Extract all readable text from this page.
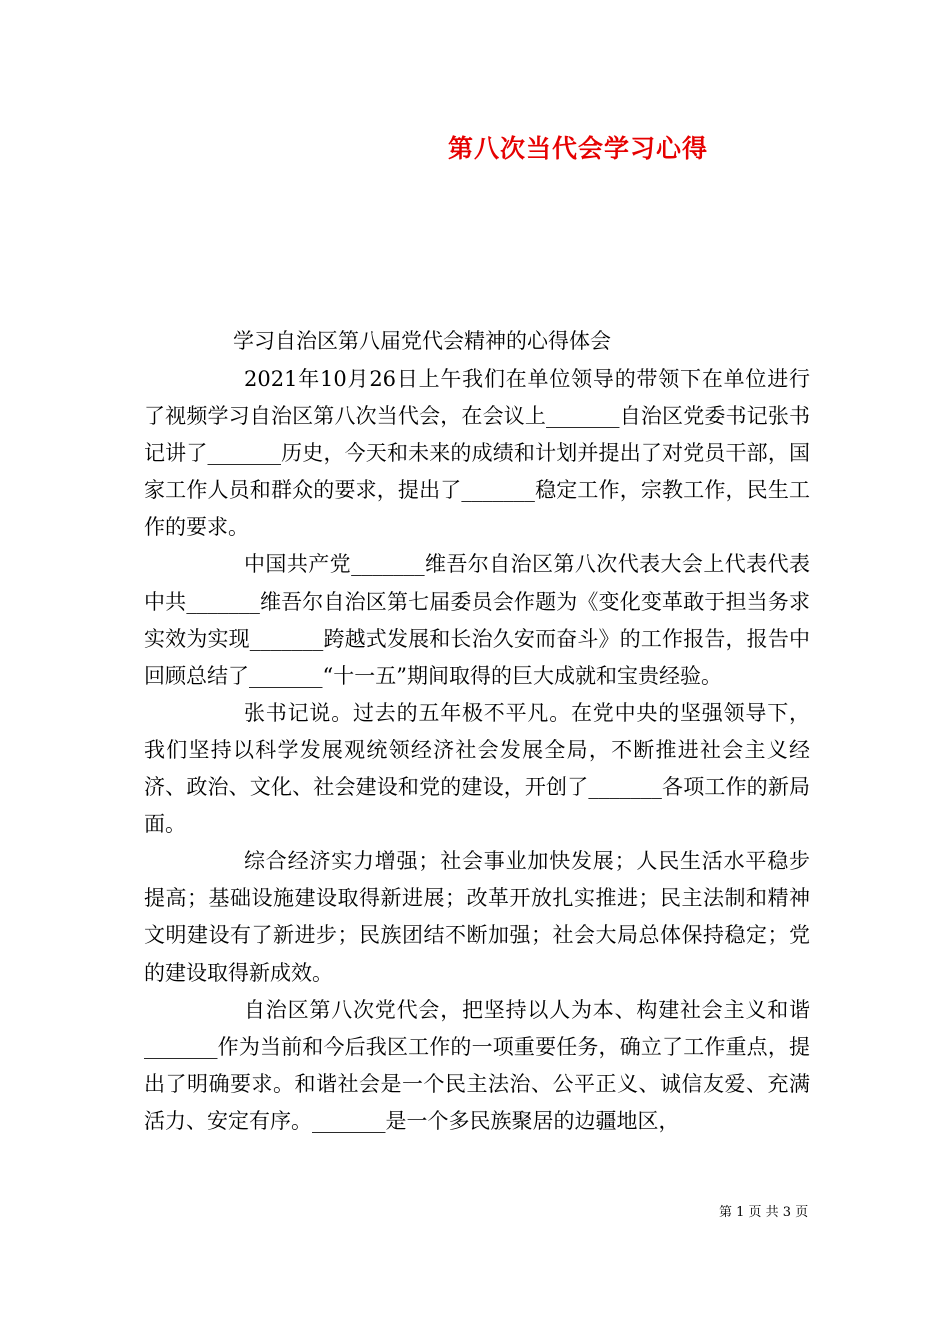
第八次当代会学习心得

学习自治区第八届党代会精神的心得体会

2021年10月26日上午我们在单位领导的带领下在单位进行了视频学习自治区第八次当代会，在会议上_______自治区党委书记张书记讲了_______历史，今天和未来的成绩和计划并提出了对党员干部，国家工作人员和群众的要求，提出了_______稳定工作，宗教工作，民生工作的要求。

中国共产党_______维吾尔自治区第八次代表大会上代表代表中共_______维吾尔自治区第七届委员会作题为《变化变革敢于担当务求实效为实现_______跨越式发展和长治久安而奋斗》的工作报告，报告中回顾总结了_______“十一五”期间取得的巨大成就和宝贵经验。

张书记说。过去的五年极不平凡。在党中央的坚强领导下，我们坚持以科学发展观统领经济社会发展全局，不断推进社会主义经济、政治、文化、社会建设和党的建设，开创了_______各项工作的新局面。

综合经济实力增强；社会事业加快发展；人民生活水平稳步提高；基础设施建设取得新进展；改革开放扎实推进；民主法制和精神文明建设有了新进步；民族团结不断加强；社会大局总体保持稳定；党的建设取得新成效。

自治区第八次党代会，把坚持以人为本、构建社会主义和谐_______作为当前和今后我区工作的一项重要任务，确立了工作重点，提出了明确要求。和谐社会是一个民主法治、公平正义、诚信友爱、充满活力、安定有序。_______是一个多民族聚居的边疆地区，

第 1 页 共 3 页
